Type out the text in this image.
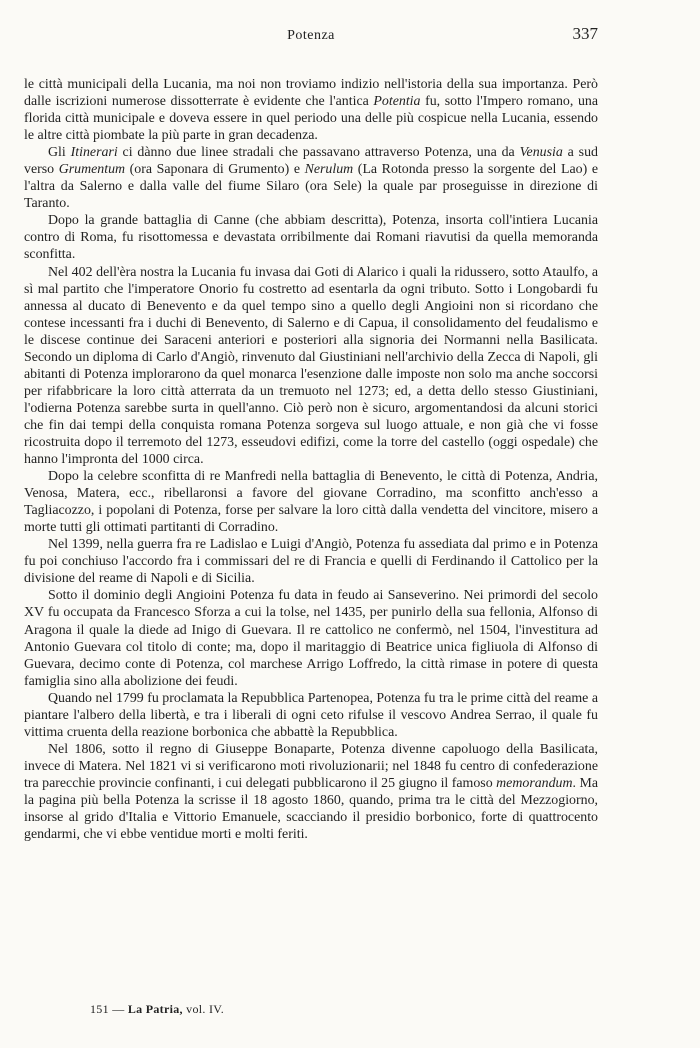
Potenza	337

le città municipali della Lucania, ma noi non troviamo indizio nell'istoria della sua importanza. Però dalle iscrizioni numerose dissotterrate è evidente che l'antica Potentia fu, sotto l'Impero romano, una florida città municipale e doveva essere in quel periodo una delle più cospicue nella Lucania, essendo le altre città piombate la più parte in gran decadenza.

Gli Itinerari ci dànno due linee stradali che passavano attraverso Potenza, una da Venusia a sud verso Grumentum (ora Saponara di Grumento) e Nerulum (La Rotonda presso la sorgente del Lao) e l'altra da Salerno e dalla valle del fiume Silaro (ora Sele) la quale par proseguisse in direzione di Taranto.

Dopo la grande battaglia di Canne (che abbiam descritta), Potenza, insorta coll'intiera Lucania contro di Roma, fu risottomessa e devastata orribilmente dai Romani riavutisi da quella memoranda sconfitta.

Nel 402 dell'èra nostra la Lucania fu invasa dai Goti di Alarico i quali la ridussero, sotto Ataulfo, a sì mal partito che l'imperatore Onorio fu costretto ad esentarla da ogni tributo. Sotto i Longobardi fu annessa al ducato di Benevento e da quel tempo sino a quello degli Angioini non si ricordano che contese incessanti fra i duchi di Benevento, di Salerno e di Capua, il consolidamento del feudalismo e le discese continue dei Saraceni anteriori e posteriori alla signoria dei Normanni nella Basilicata. Secondo un diploma di Carlo d'Angiò, rinvenuto dal Giustiniani nell'archivio della Zecca di Napoli, gli abitanti di Potenza implorarono da quel monarca l'esenzione dalle imposte non solo ma anche soccorsi per rifabbricare la loro città atterrata da un tremuoto nel 1273; ed, a detta dello stesso Giustiniani, l'odierna Potenza sarebbe surta in quell'anno. Ciò però non è sicuro, argomentandosi da alcuni storici che fin dai tempi della conquista romana Potenza sorgeva sul luogo attuale, e non già che vi fosse ricostruita dopo il terremoto del 1273, esseudovi edifizi, come la torre del castello (oggi ospedale) che hanno l'impronta del 1000 circa.

Dopo la celebre sconfitta di re Manfredi nella battaglia di Benevento, le città di Potenza, Andria, Venosa, Matera, ecc., ribellaronsi a favore del giovane Corradino, ma sconfitto anch'esso a Tagliacozzo, i popolani di Potenza, forse per salvare la loro città dalla vendetta del vincitore, misero a morte tutti gli ottimati partitanti di Corradino.

Nel 1399, nella guerra fra re Ladislao e Luigi d'Angiò, Potenza fu assediata dal primo e in Potenza fu poi conchiuso l'accordo fra i commissari del re di Francia e quelli di Ferdinando il Cattolico per la divisione del reame di Napoli e di Sicilia.

Sotto il dominio degli Angioini Potenza fu data in feudo ai Sanseverino. Nei primordi del secolo XV fu occupata da Francesco Sforza a cui la tolse, nel 1435, per punirlo della sua fellonia, Alfonso di Aragona il quale la diede ad Inigo di Guevara. Il re cattolico ne confermò, nel 1504, l'investitura ad Antonio Guevara col titolo di conte; ma, dopo il maritaggio di Beatrice unica figliuola di Alfonso di Guevara, decimo conte di Potenza, col marchese Arrigo Loffredo, la città rimase in potere di questa famiglia sino alla abolizione dei feudi.

Quando nel 1799 fu proclamata la Repubblica Partenopea, Potenza fu tra le prime città del reame a piantare l'albero della libertà, e tra i liberali di ogni ceto rifulse il vescovo Andrea Serrao, il quale fu vittima cruenta della reazione borbonica che abbattè la Repubblica.

Nel 1806, sotto il regno di Giuseppe Bonaparte, Potenza divenne capoluogo della Basilicata, invece di Matera. Nel 1821 vi si verificarono moti rivoluzionarii; nel 1848 fu centro di confederazione tra parecchie provincie confinanti, i cui delegati pubblicarono il 25 giugno il famoso memorandum. Ma la pagina più bella Potenza la scrisse il 18 agosto 1860, quando, prima tra le città del Mezzogiorno, insorse al grido d'Italia e Vittorio Emanuele, scacciando il presidio borbonico, forte di quattrocento gendarmi, che vi ebbe ventidue morti e molti feriti.

151 — La Patria, vol. IV.
